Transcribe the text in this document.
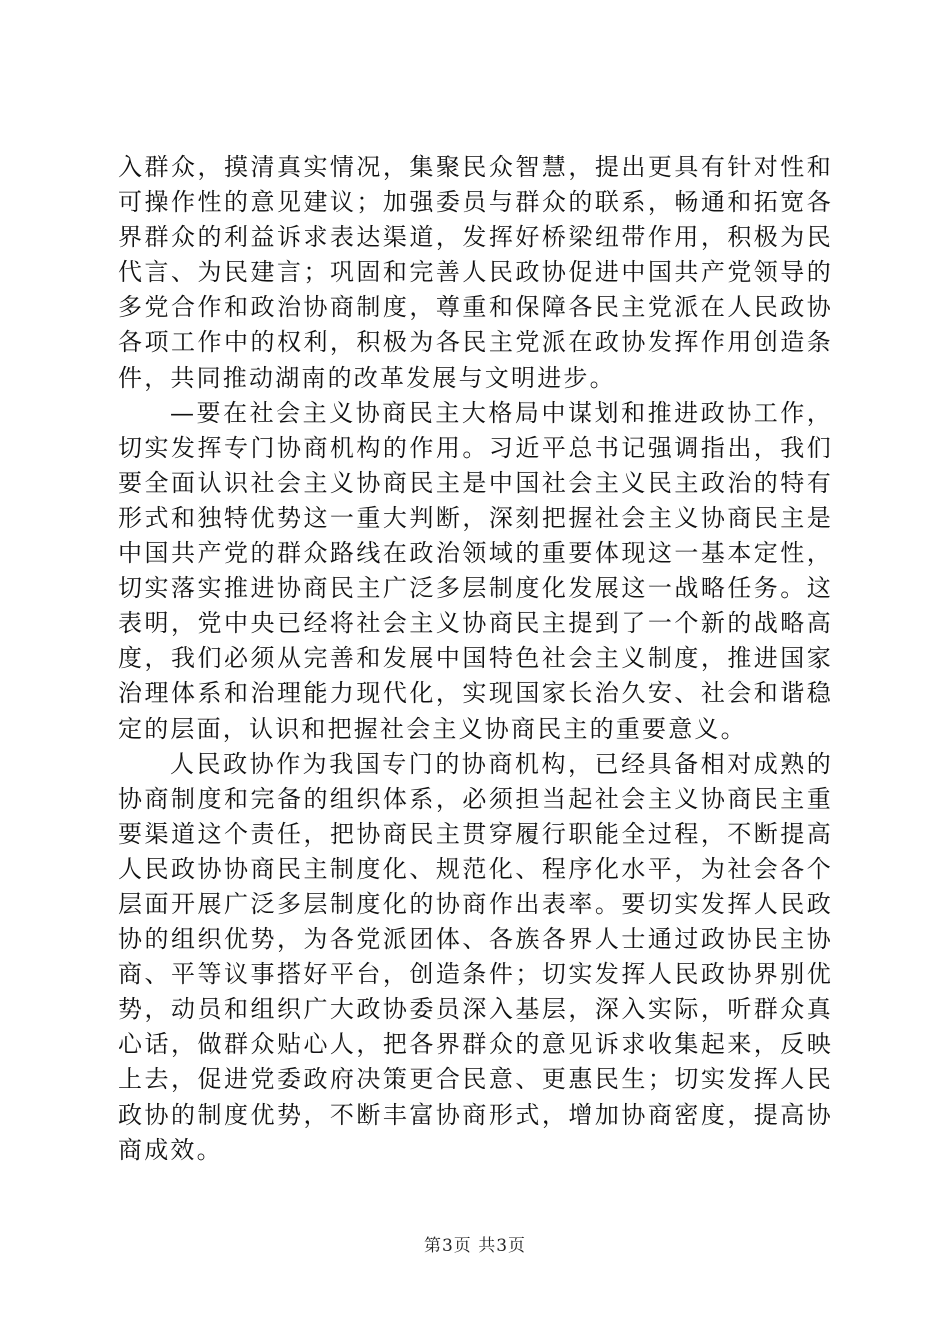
入群众，摸清真实情况，集聚民众智慧，提出更具有针对性和可操作性的意见建议；加强委员与群众的联系，畅通和拓宽各界群众的利益诉求表达渠道，发挥好桥梁纽带作用，积极为民代言、为民建言；巩固和完善人民政协促进中国共产党领导的多党合作和政治协商制度，尊重和保障各民主党派在人民政协各项工作中的权利，积极为各民主党派在政协发挥作用创造条件，共同推动湖南的改革发展与文明进步。

—要在社会主义协商民主大格局中谋划和推进政协工作，切实发挥专门协商机构的作用。习近平总书记强调指出，我们要全面认识社会主义协商民主是中国社会主义民主政治的特有形式和独特优势这一重大判断，深刻把握社会主义协商民主是中国共产党的群众路线在政治领域的重要体现这一基本定性，切实落实推进协商民主广泛多层制度化发展这一战略任务。这表明，党中央已经将社会主义协商民主提到了一个新的战略高度，我们必须从完善和发展中国特色社会主义制度，推进国家治理体系和治理能力现代化，实现国家长治久安、社会和谐稳定的层面，认识和把握社会主义协商民主的重要意义。

人民政协作为我国专门的协商机构，已经具备相对成熟的协商制度和完备的组织体系，必须担当起社会主义协商民主重要渠道这个责任，把协商民主贯穿履行职能全过程，不断提高人民政协协商民主制度化、规范化、程序化水平，为社会各个层面开展广泛多层制度化的协商作出表率。要切实发挥人民政协的组织优势，为各党派团体、各族各界人士通过政协民主协商、平等议事搭好平台，创造条件；切实发挥人民政协界别优势，动员和组织广大政协委员深入基层，深入实际，听群众真心话，做群众贴心人，把各界群众的意见诉求收集起来，反映上去，促进党委政府决策更合民意、更惠民生；切实发挥人民政协的制度优势，不断丰富协商形式，增加协商密度，提高协商成效。

第3页 共3页
